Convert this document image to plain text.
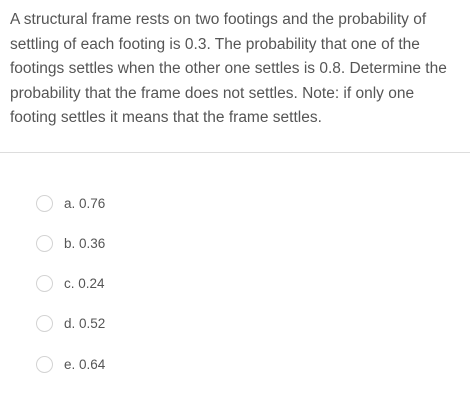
A structural frame rests on two footings and the probability of settling of each footing is 0.3. The probability that one of the footings settles when the other one settles is 0.8. Determine the probability that the frame does not settles. Note: if only one footing settles it means that the frame settles.
a. 0.76
b. 0.36
c. 0.24
d. 0.52
e. 0.64
